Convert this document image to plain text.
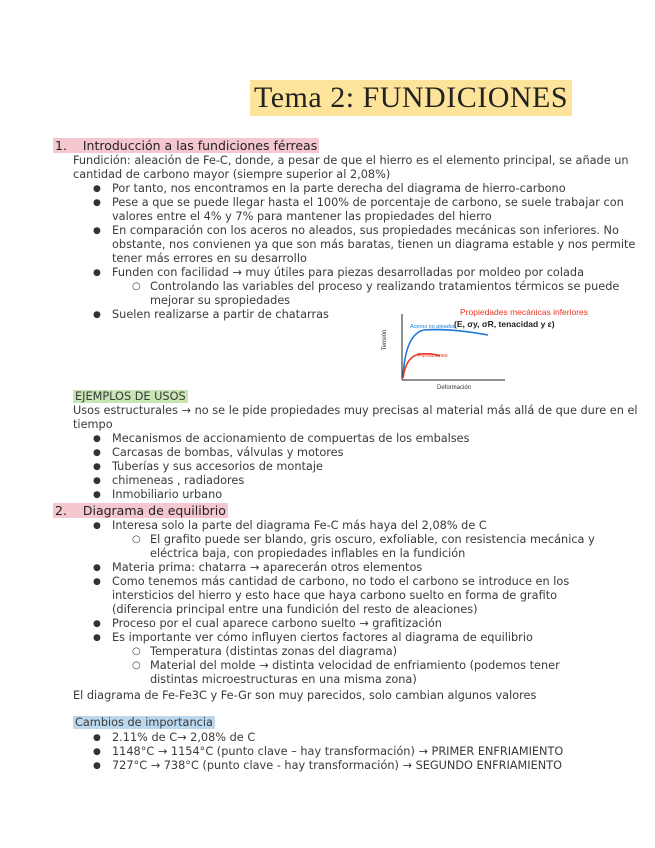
Tema 2: FUNDICIONES
1. Introducción a las fundiciones férreas
Fundición: aleación de Fe-C, donde, a pesar de que el hierro es el elemento principal, se añade un
cantidad de carbono mayor (siempre superior al 2,08%)
● Por tanto, nos encontramos en la parte derecha del diagrama de hierro-carbono
● Pese a que se puede llegar hasta el 100% de porcentaje de carbono, se suele trabajar con
valores entre el 4% y 7% para mantener las propiedades del hierro
● En comparación con los aceros no aleados, sus propiedades mecánicas son inferiores. No
obstante, nos convienen ya que son más baratas, tienen un diagrama estable y nos permite
tener más errores en su desarrollo
● Funden con facilidad → muy útiles para piezas desarrolladas por moldeo por colada
○ Controlando las variables del proceso y realizando tratamientos térmicos se puede
mejorar su spropiedades
● Suelen realizarse a partir de chatarras	Propiedades mecánicas inferiores
(E, σy, σR, tenacidad y ε)
Tensión
Deformación
Aceros no aleados
Fundiciones
EJEMPLOS DE USOS
Usos estructurales → no se le pide propiedades muy precisas al material más allá de que dure en el
tiempo
● Mecanismos de accionamiento de compuertas de los embalses
● Carcasas de bombas, válvulas y motores
● Tuberías y sus accesorios de montaje
● chimeneas , radiadores
● Inmobiliario urbano
2. Diagrama de equilibrio
● Interesa solo la parte del diagrama Fe-C más haya del 2,08% de C
○ El grafito puede ser blando, gris oscuro, exfoliable, con resistencia mecánica y
eléctrica baja, con propiedades inflables en la fundición
● Materia prima: chatarra → aparecerán otros elementos
● Como tenemos más cantidad de carbono, no todo el carbono se introduce en los
intersticios del hierro y esto hace que haya carbono suelto en forma de grafito
(diferencia principal entre una fundición del resto de aleaciones)
● Proceso por el cual aparece carbono suelto → grafitización
● Es importante ver cómo influyen ciertos factores al diagrama de equilibrio
○ Temperatura (distintas zonas del diagrama)
○ Material del molde → distinta velocidad de enfriamiento (podemos tener
distintas microestructuras en una misma zona)
El diagrama de Fe-Fe3C y Fe-Gr son muy parecidos, solo cambian algunos valores
Cambios de importancia
● 2.11% de C→ 2,08% de C
● 1148°C → 1154°C (punto clave – hay transformación) → PRIMER ENFRIAMIENTO
● 727°C → 738°C (punto clave - hay transformación) → SEGUNDO ENFRIAMIENTO
